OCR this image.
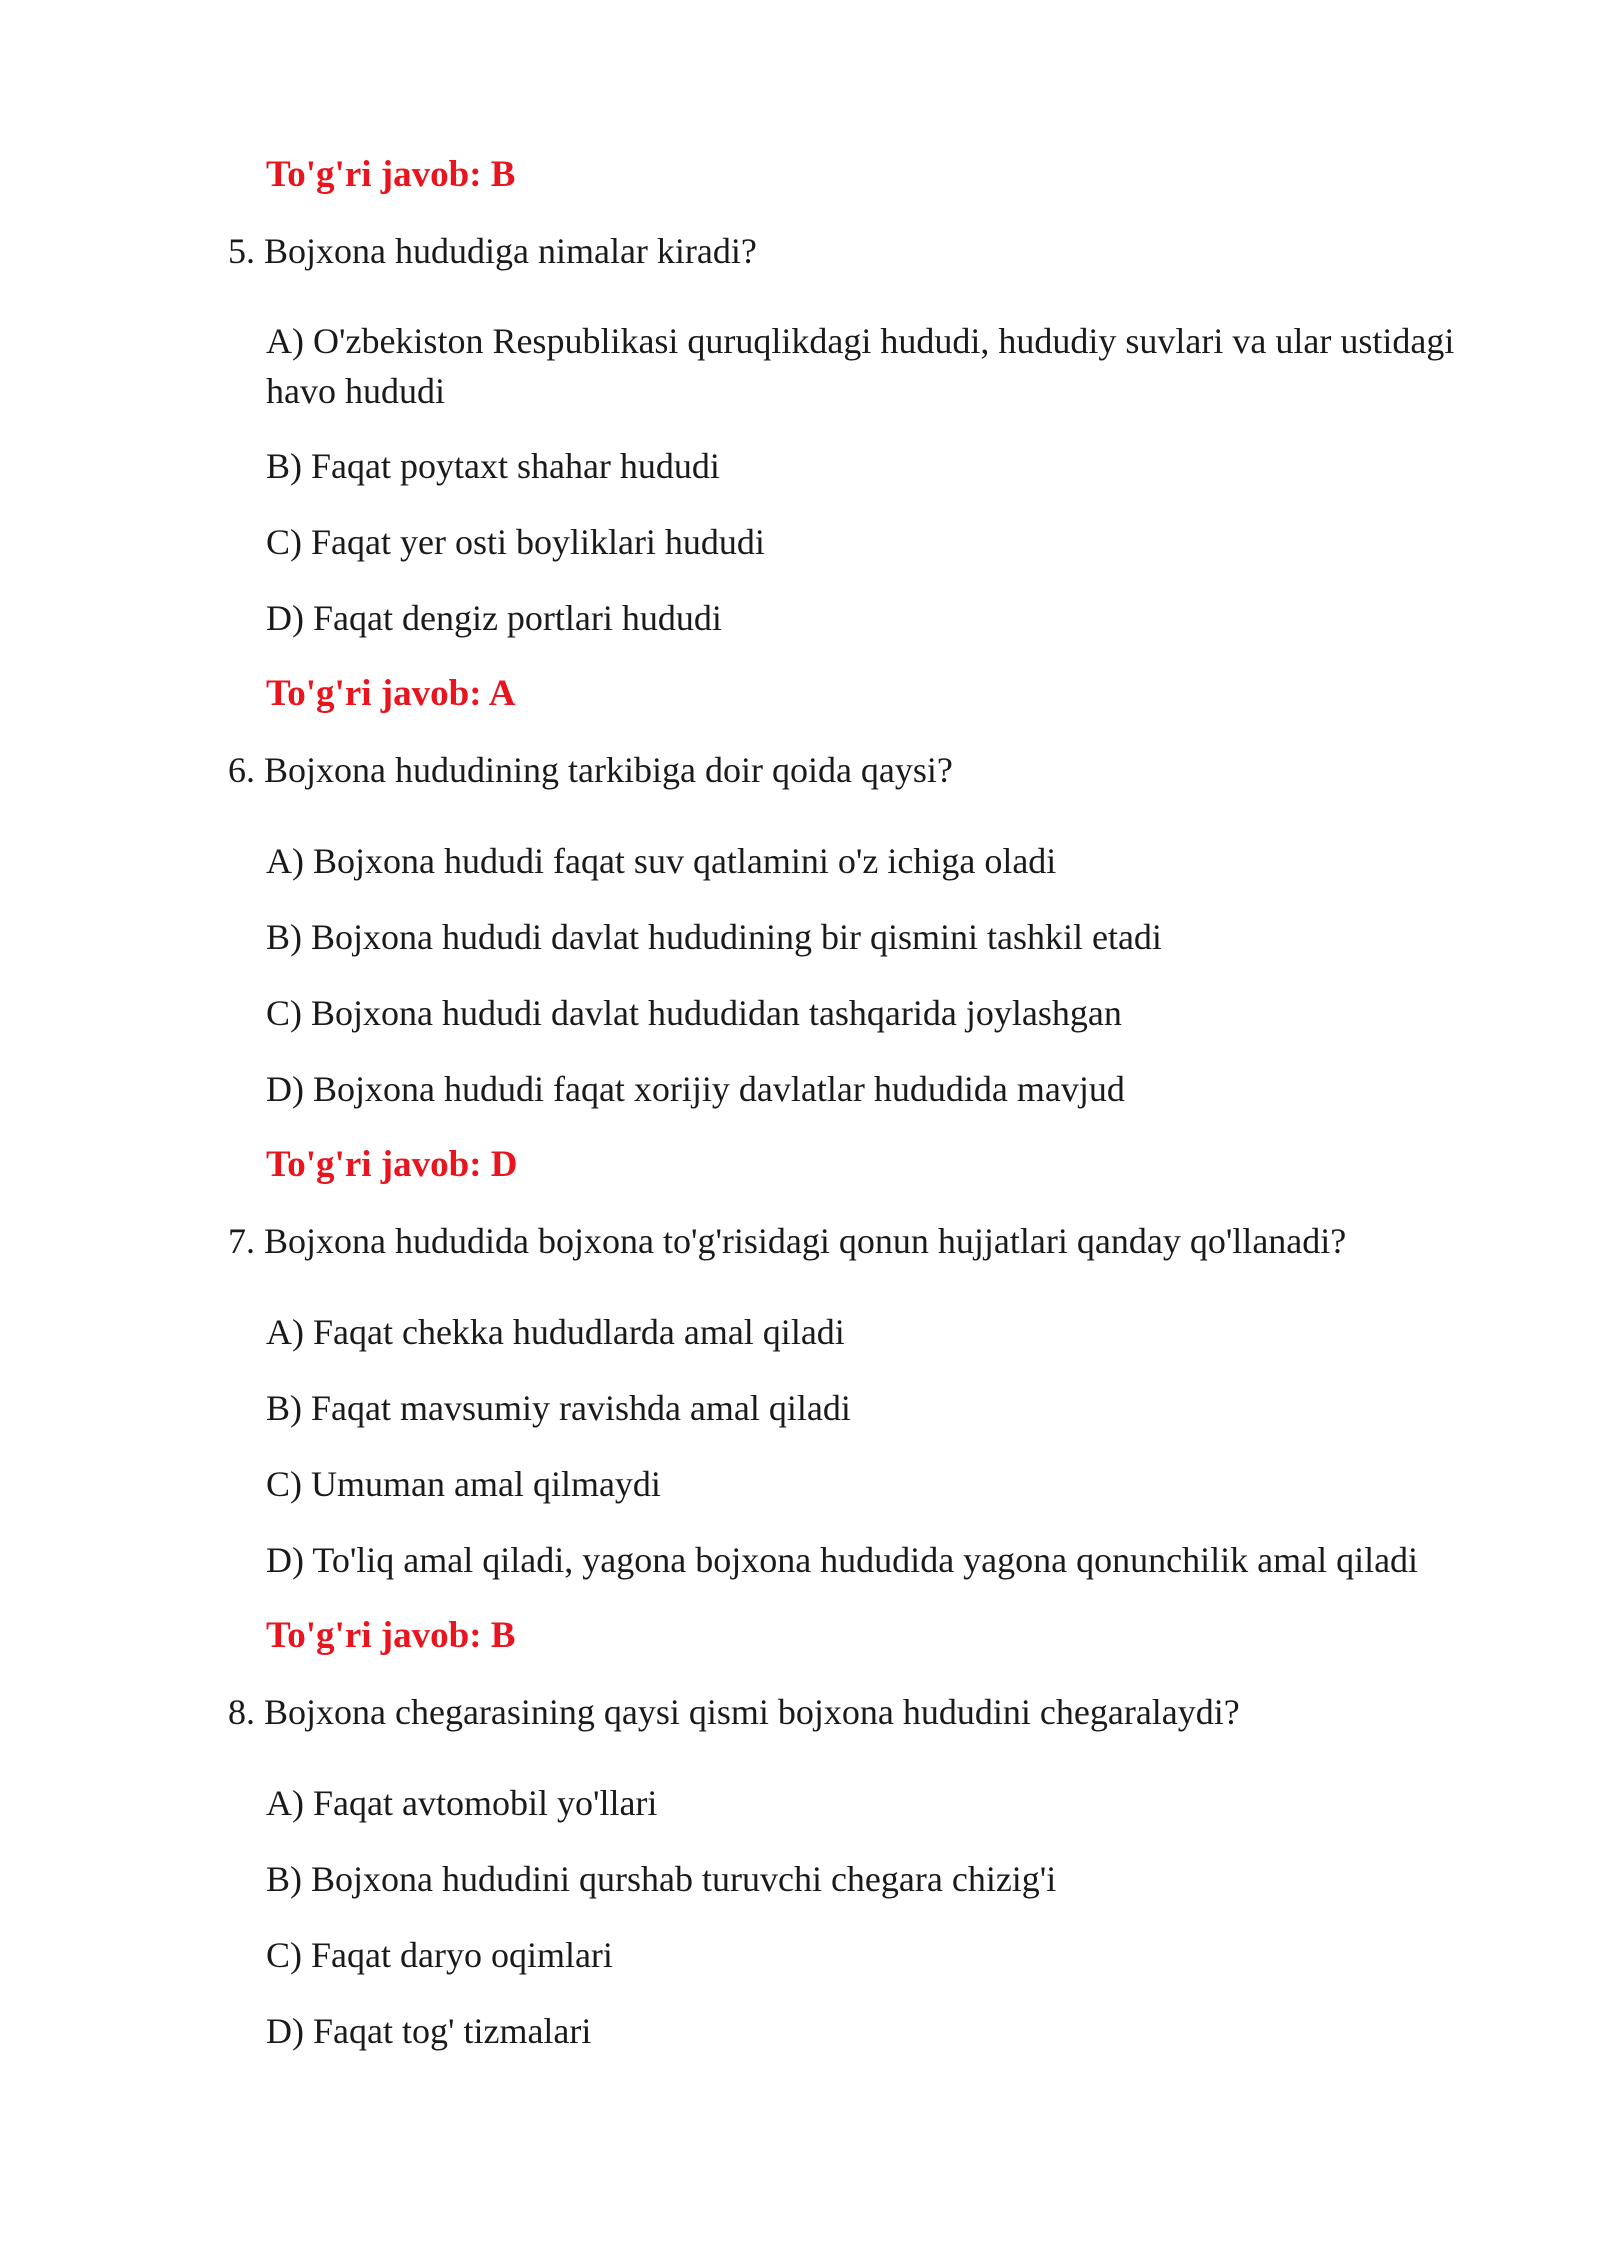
To'g'ri javob: B
5. Bojxona hududiga nimalar kiradi?
A) O'zbekiston Respublikasi quruqlikdagi hududi, hududiy suvlari va ular ustidagi havo hududi
B) Faqat poytaxt shahar hududi
C) Faqat yer osti boyliklari hududi
D) Faqat dengiz portlari hududi
To'g'ri javob: A
6. Bojxona hududining tarkibiga doir qoida qaysi?
A) Bojxona hududi faqat suv qatlamini o'z ichiga oladi
B) Bojxona hududi davlat hududining bir qismini tashkil etadi
C) Bojxona hududi davlat hududidan tashqarida joylashgan
D) Bojxona hududi faqat xorijiy davlatlar hududida mavjud
To'g'ri javob: D
7. Bojxona hududida bojxona to'g'risidagi qonun hujjatlari qanday qo'llanadi?
A) Faqat chekka hududlarda amal qiladi
B) Faqat mavsumiy ravishda amal qiladi
C) Umuman amal qilmaydi
D) To'liq amal qiladi, yagona bojxona hududida yagona qonunchilik amal qiladi
To'g'ri javob: B
8. Bojxona chegarasining qaysi qismi bojxona hududini chegaralaydi?
A) Faqat avtomobil yo'llari
B) Bojxona hududini qurshab turuvchi chegara chizig'i
C) Faqat daryo oqimlari
D) Faqat tog' tizmalari
